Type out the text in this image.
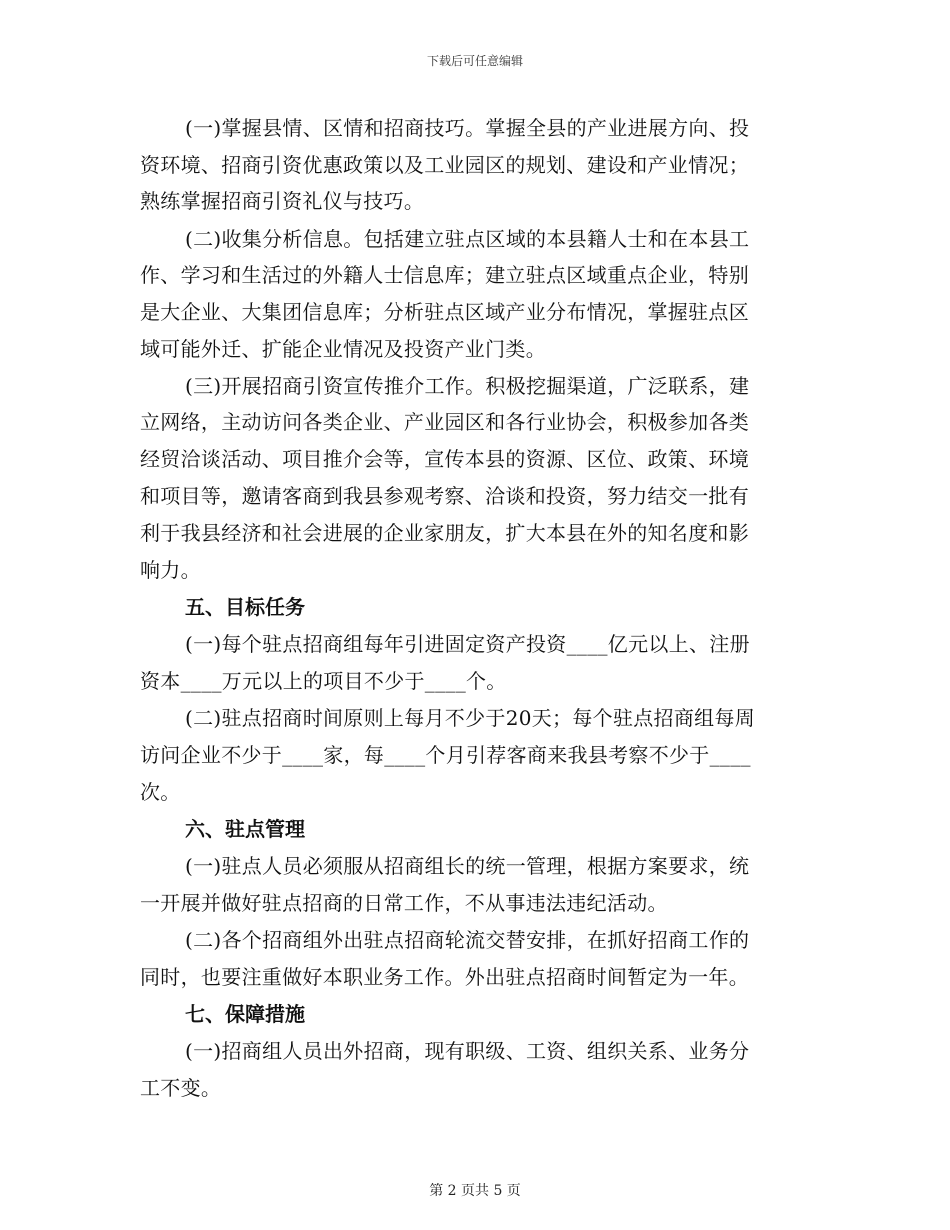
下载后可任意编辑
(一)掌握县情、区情和招商技巧。掌握全县的产业进展方向、投
资环境、招商引资优惠政策以及工业园区的规划、建设和产业情况；
熟练掌握招商引资礼仪与技巧。
(二)收集分析信息。包括建立驻点区域的本县籍人士和在本县工
作、学习和生活过的外籍人士信息库；建立驻点区域重点企业，特别
是大企业、大集团信息库；分析驻点区域产业分布情况，掌握驻点区
域可能外迁、扩能企业情况及投资产业门类。
(三)开展招商引资宣传推介工作。积极挖掘渠道，广泛联系，建
立网络，主动访问各类企业、产业园区和各行业协会，积极参加各类
经贸洽谈活动、项目推介会等，宣传本县的资源、区位、政策、环境
和项目等，邀请客商到我县参观考察、洽谈和投资，努力结交一批有
利于我县经济和社会进展的企业家朋友，扩大本县在外的知名度和影
响力。
五、目标任务
(一)每个驻点招商组每年引进固定资产投资____亿元以上、注册
资本____万元以上的项目不少于____个。
(二)驻点招商时间原则上每月不少于20天；每个驻点招商组每周
访问企业不少于____家，每____个月引荐客商来我县考察不少于____
次。
六、驻点管理
(一)驻点人员必须服从招商组长的统一管理，根据方案要求，统
一开展并做好驻点招商的日常工作，不从事违法违纪活动。
(二)各个招商组外出驻点招商轮流交替安排，在抓好招商工作的
同时，也要注重做好本职业务工作。外出驻点招商时间暂定为一年。
七、保障措施
(一)招商组人员出外招商，现有职级、工资、组织关系、业务分
工不变。
第 2 页共 5 页
